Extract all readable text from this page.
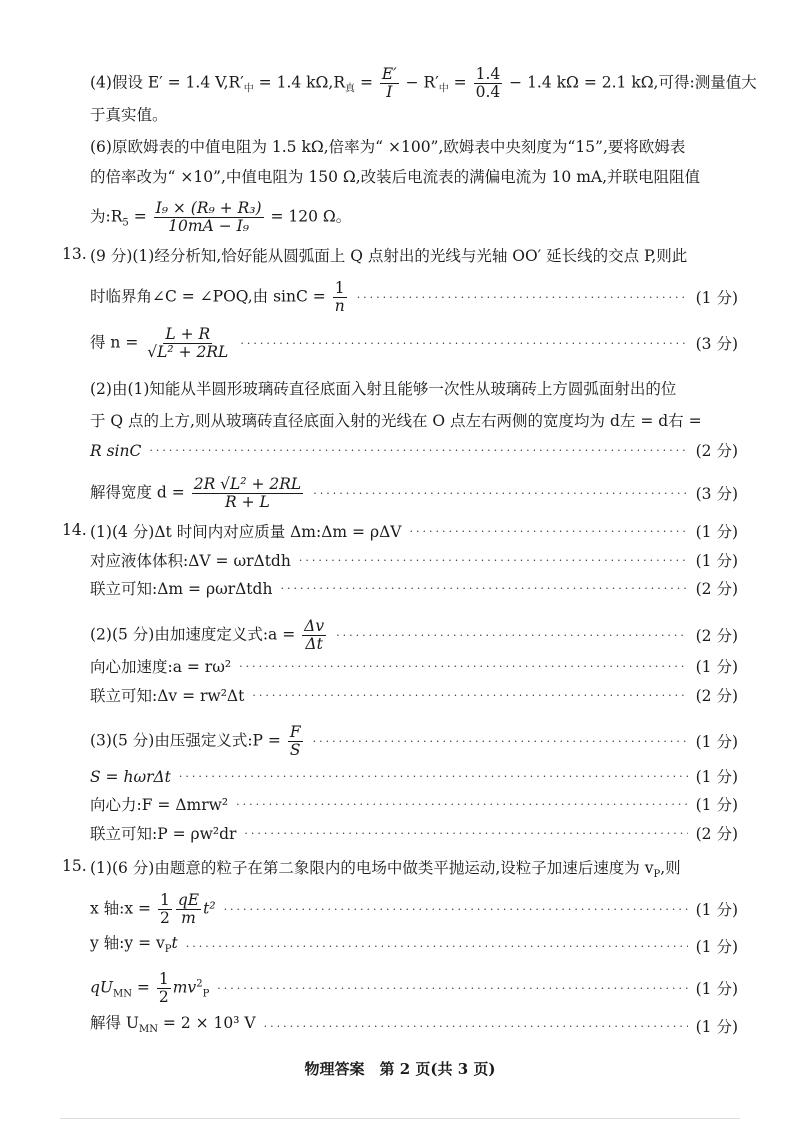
(4)假设 E′ = 1.4 $V,R'_中 = 1.4$ $k\Omega,R_真 = \frac{E'}{I} - R'_中 = \frac{1.4}{0.4} - 1.4$ kΩ = 2.1 kΩ,可得:测量值大
于真实值。
(6)原欧姆表的中值电阻为 1.5 kΩ,倍率为“ ×100”,欧姆表中央刻度为“15”,要将欧姆表
的倍率改为“ ×10”,中值电阻为 150 Ω,改装后电流表的满偏电流为 10 mA,并联电阻阻值
为$:R_5 = \frac{\text{I₉ × (R₉ + R₃)}}{\text{10mA − I₉}} = 120$ Ω。
13. (9 分)(1)经分析知,恰好能从圆弧面上 Q 点射出的光线与光轴 OO′ 延长线的交点 P,则此
时临界角∠C = ∠POQ,由 $\sin C = \frac{1}{n}$ ·····	(1 分)
得 $n = \frac{L + R}{\text{√L² + 2RL}}$ ·····	(3 分)
(2)由(1)知能从半圆形玻璃砖直径底面入射且能够一次性从玻璃砖上方圆弧面射出的位
于 Q 点的上方,则从玻璃砖直径底面入射的光线在 O 点左右两侧的宽度均为 d左 = d右 =
R sinC ·····	(2 分)
解得宽度 $d = \frac{\text{2R √L² + 2RL}}{R + L}$ ·····	(3 分)
14. (1)(4 分)Δt 时间内对应质量 Δm:Δm = ρΔV ·····	(1 分)
对应液体体积:ΔV = ωrΔtdh ·····	(1 分)
联立可知:Δm = ρωrΔtdh ·····	(2 分)
(2)(5 分)由加速度定义式:a = $\frac{\Delta v}{\Delta t}$ ·····	(2 分)
向心加速度:a = rω² ·····	(1 分)
联立可知:Δv = rw²Δt ·····	(2 分)
(3)(5 分)由压强定义式:P = $\frac{F}{S}$ ·····	(1 分)
S = hωrΔt ·····	(1 分)
向心力:F = Δmrw² ·····	(1 分)
联立可知:P = ρw²dr ·····	(2 分)
15. (1)(6 分)由题意的粒子在第二象限内的电场中做类平抛运动,设粒子加速后速度为 $v_P$,则
x 轴:x = $\frac{1}{2} \frac{qE}{m} t^2$ ·····	(1 分)
y 轴:y = $v_Pt$ ·····	(1 分)
$qU_{MN} = \frac{1}{2} mv^2_P$ ·····	(1 分)
解得 $U_{MN} = 2 \times 10^3$ V ·····	(1 分)
物理答案　第 2 页(共 3 页)
